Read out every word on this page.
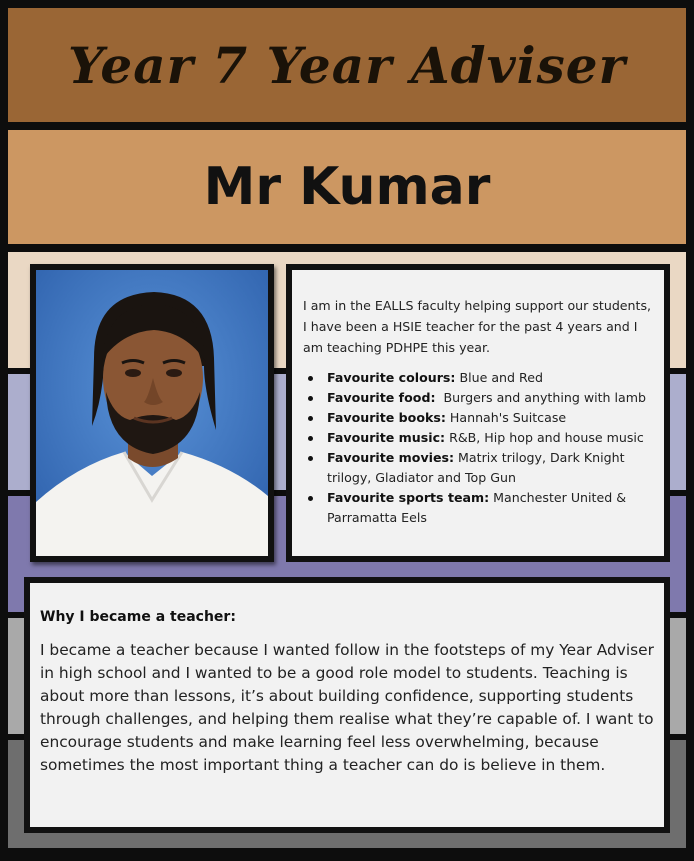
Year 7 Year Adviser
Mr Kumar

I am in the EALLS faculty helping support our students, I have been a HSIE teacher for the past 4 years and I am teaching PDHPE this year.

Favourite colours: Blue and Red
Favourite food:  Burgers and anything with lamb
Favourite books: Hannah's Suitcase
Favourite music: R&B, Hip hop and house music
Favourite movies: Matrix trilogy, Dark Knight trilogy, Gladiator and Top Gun
Favourite sports team: Manchester United & Parramatta Eels

Why I became a teacher:

I became a teacher because I wanted follow in the footsteps of my Year Adviser in high school and I wanted to be a good role model to students. Teaching is about more than lessons, it’s about building confidence, supporting students through challenges, and helping them realise what they’re capable of. I want to encourage students and make learning feel less overwhelming, because sometimes the most important thing a teacher can do is believe in them.
